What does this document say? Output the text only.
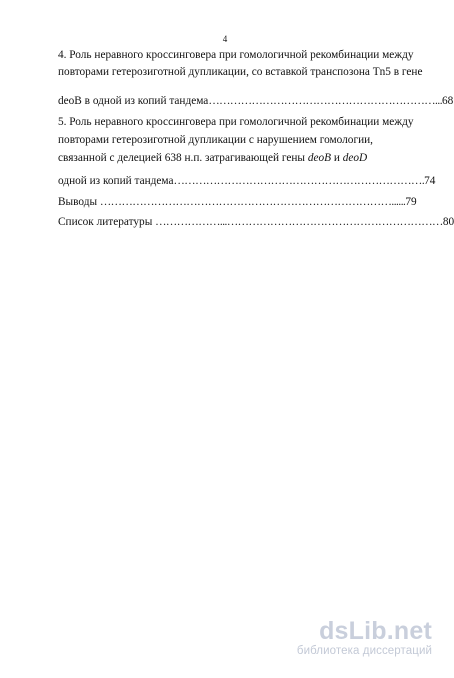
4
4. Роль неравного кроссинговера при гомологичной рекомбинации между
повторами гетерозиготной дупликации, со вставкой транспозона Tn5 в гене
deoB в одной из копий тандема………………………………………………………...68
5. Роль неравного кроссинговера при гомологичной рекомбинации между
повторами гетерозиготной дупликации с нарушением гомологии,
связанной с делецией 638 н.п. затрагивающей гены deoB и deoD
одной из копий тандема…………………………………………………………….74
Выводы ………………………………………………………………………......79
Список литературы ………………...……………………………………………………80
dsLib.net
библиотека диссертаций
